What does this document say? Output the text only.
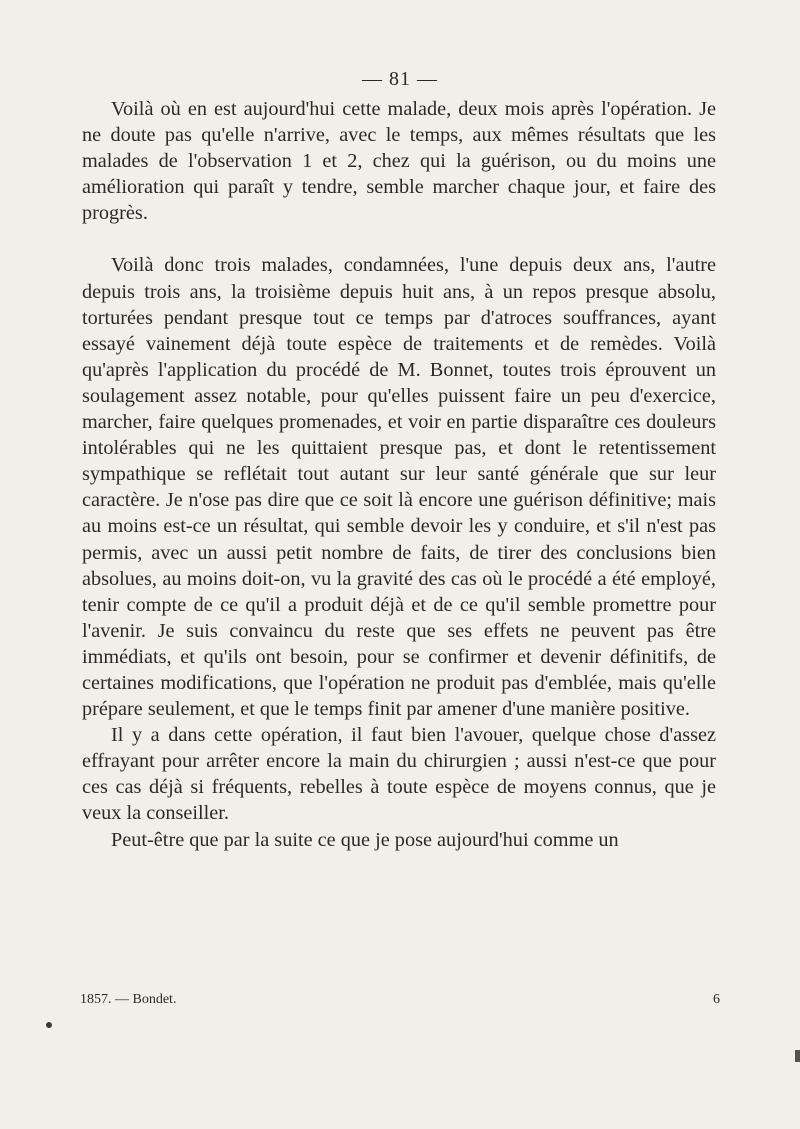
— 81 —

Voilà où en est aujourd'hui cette malade, deux mois après l'opération. Je ne doute pas qu'elle n'arrive, avec le temps, aux mêmes résultats que les malades de l'observation 1 et 2, chez qui la guérison, ou du moins une amélioration qui paraît y tendre, semble marcher chaque jour, et faire des progrès.

Voilà donc trois malades, condamnées, l'une depuis deux ans, l'autre depuis trois ans, la troisième depuis huit ans, à un repos presque absolu, torturées pendant presque tout ce temps par d'atroces souffrances, ayant essayé vainement déjà toute espèce de traitements et de remèdes. Voilà qu'après l'application du procédé de M. Bonnet, toutes trois éprouvent un soulagement assez notable, pour qu'elles puissent faire un peu d'exercice, marcher, faire quelques promenades, et voir en partie disparaître ces douleurs intolérables qui ne les quittaient presque pas, et dont le retentissement sympathique se reflétait tout autant sur leur santé générale que sur leur caractère. Je n'ose pas dire que ce soit là encore une guérison définitive; mais au moins est-ce un résultat, qui semble devoir les y conduire, et s'il n'est pas permis, avec un aussi petit nombre de faits, de tirer des conclusions bien absolues, au moins doit-on, vu la gravité des cas où le procédé a été employé, tenir compte de ce qu'il a produit déjà et de ce qu'il semble promettre pour l'avenir. Je suis convaincu du reste que ses effets ne peuvent pas être immédiats, et qu'ils ont besoin, pour se confirmer et devenir définitifs, de certaines modifications, que l'opération ne produit pas d'emblée, mais qu'elle prépare seulement, et que le temps finit par amener d'une manière positive.

Il y a dans cette opération, il faut bien l'avouer, quelque chose d'assez effrayant pour arrêter encore la main du chirurgien ; aussi n'est-ce que pour ces cas déjà si fréquents, rebelles à toute espèce de moyens connus, que je veux la conseiller.

Peut-être que par la suite ce que je pose aujourd'hui comme un

1857. — Bondet.	6
